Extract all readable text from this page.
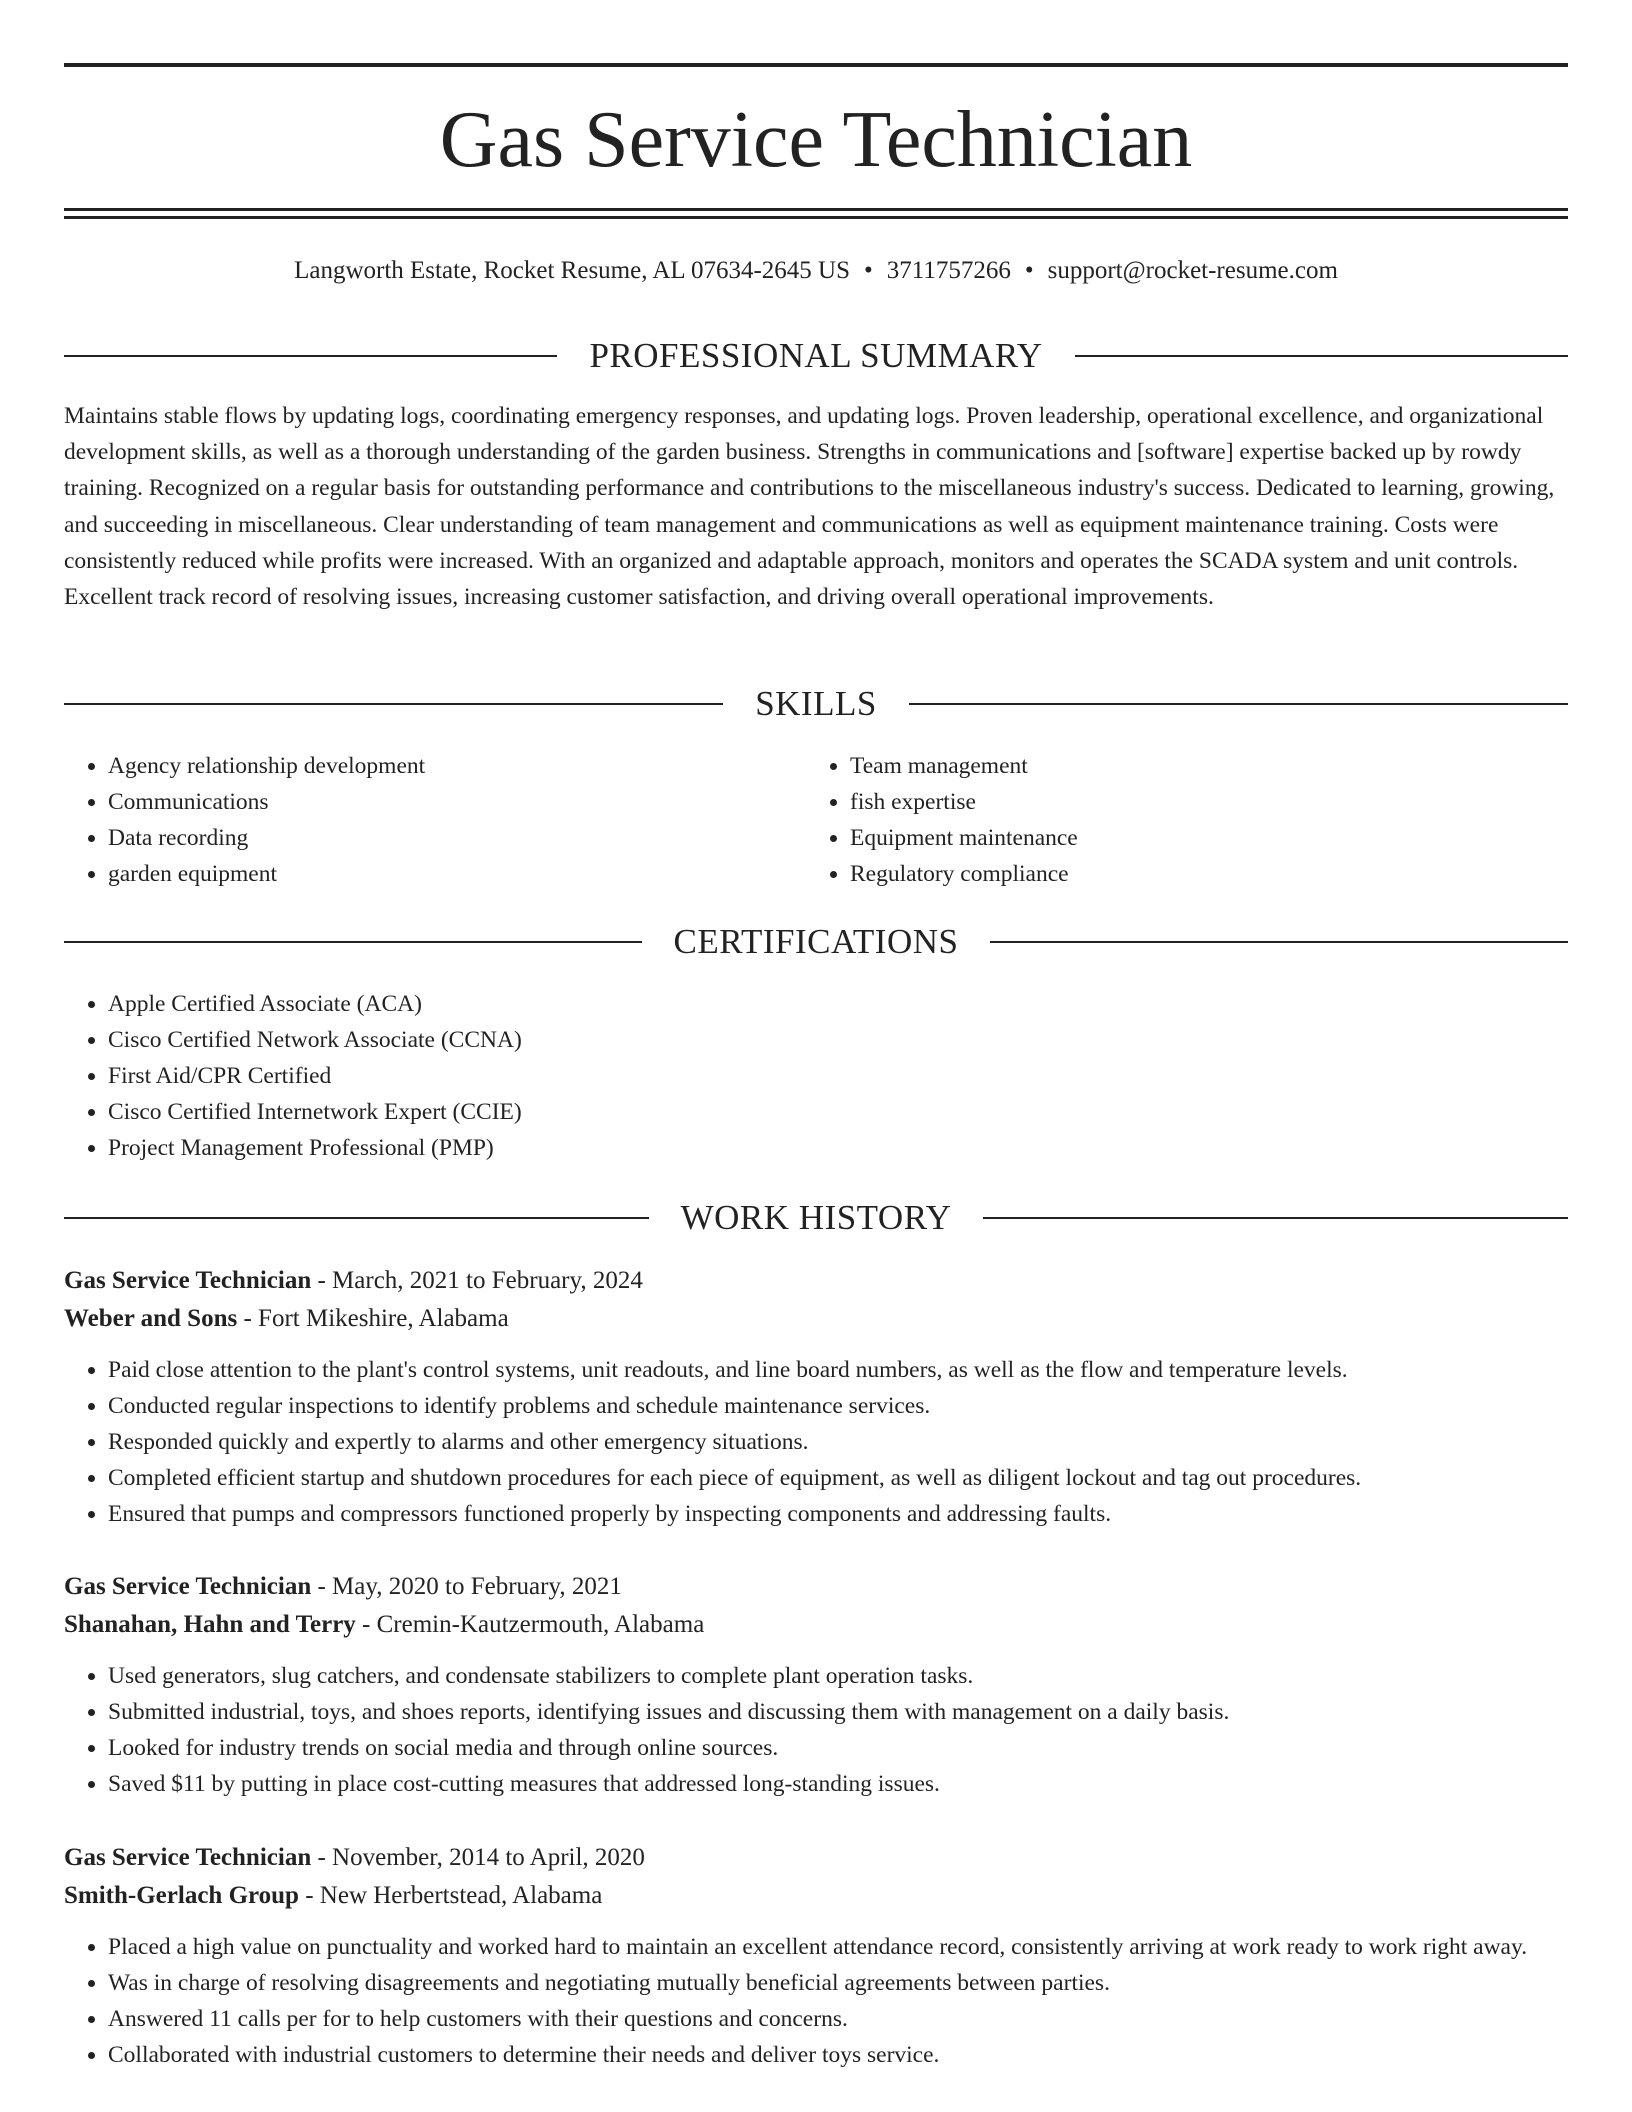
Gas Service Technician
Langworth Estate, Rocket Resume, AL 07634-2645 US • 3711757266 • support@rocket-resume.com
PROFESSIONAL SUMMARY

Maintains stable flows by updating logs, coordinating emergency responses, and updating logs. Proven leadership, operational excellence, and organizational development skills, as well as a thorough understanding of the garden business. Strengths in communications and [software] expertise backed up by rowdy training. Recognized on a regular basis for outstanding performance and contributions to the miscellaneous industry's success. Dedicated to learning, growing, and succeeding in miscellaneous. Clear understanding of team management and communications as well as equipment maintenance training. Costs were consistently reduced while profits were increased. With an organized and adaptable approach, monitors and operates the SCADA system and unit controls. Excellent track record of resolving issues, increasing customer satisfaction, and driving overall operational improvements.

SKILLS
• Agency relationship development
• Communications
• Data recording
• garden equipment
• Team management
• fish expertise
• Equipment maintenance
• Regulatory compliance
CERTIFICATIONS
• Apple Certified Associate (ACA)
• Cisco Certified Network Associate (CCNA)
• First Aid/CPR Certified
• Cisco Certified Internetwork Expert (CCIE)
• Project Management Professional (PMP)
WORK HISTORY
Gas Service Technician - March, 2021 to February, 2024
Weber and Sons - Fort Mikeshire, Alabama
• Paid close attention to the plant's control systems, unit readouts, and line board numbers, as well as the flow and temperature levels.
• Conducted regular inspections to identify problems and schedule maintenance services.
• Responded quickly and expertly to alarms and other emergency situations.
• Completed efficient startup and shutdown procedures for each piece of equipment, as well as diligent lockout and tag out procedures.
• Ensured that pumps and compressors functioned properly by inspecting components and addressing faults.
Gas Service Technician - May, 2020 to February, 2021
Shanahan, Hahn and Terry - Cremin-Kautzermouth, Alabama
• Used generators, slug catchers, and condensate stabilizers to complete plant operation tasks.
• Submitted industrial, toys, and shoes reports, identifying issues and discussing them with management on a daily basis.
• Looked for industry trends on social media and through online sources.
• Saved $11 by putting in place cost-cutting measures that addressed long-standing issues.
Gas Service Technician - November, 2014 to April, 2020
Smith-Gerlach Group - New Herbertstead, Alabama
• Placed a high value on punctuality and worked hard to maintain an excellent attendance record, consistently arriving at work ready to work right away.
• Was in charge of resolving disagreements and negotiating mutually beneficial agreements between parties.
• Answered 11 calls per for to help customers with their questions and concerns.
• Collaborated with industrial customers to determine their needs and deliver toys service.
